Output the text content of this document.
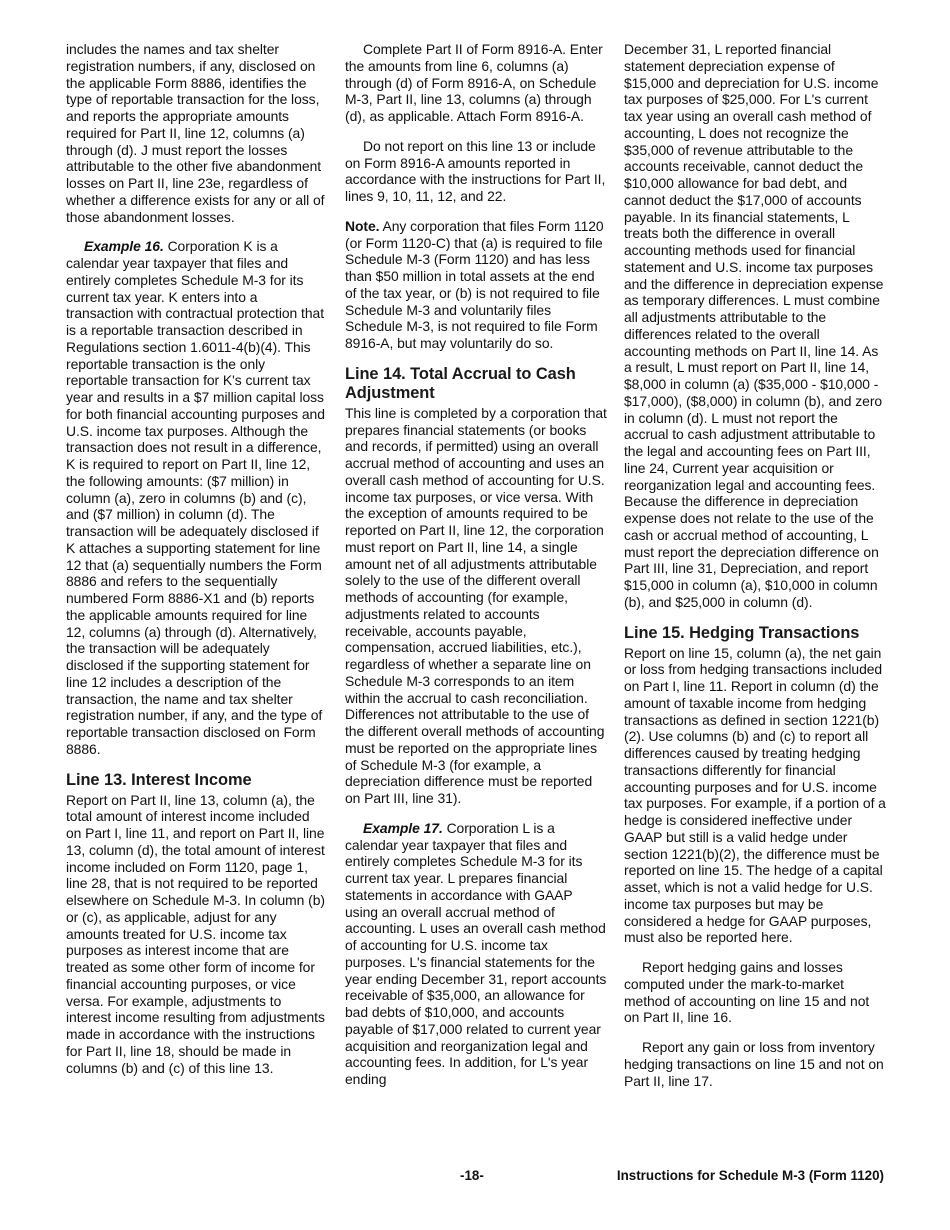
includes the names and tax shelter registration numbers, if any, disclosed on the applicable Form 8886, identifies the type of reportable transaction for the loss, and reports the appropriate amounts required for Part II, line 12, columns (a) through (d). J must report the losses attributable to the other five abandonment losses on Part II, line 23e, regardless of whether a difference exists for any or all of those abandonment losses.

Example 16. Corporation K is a calendar year taxpayer that files and entirely completes Schedule M-3 for its current tax year. K enters into a transaction with contractual protection that is a reportable transaction described in Regulations section 1.6011-4(b)(4). This reportable transaction is the only reportable transaction for K's current tax year and results in a $7 million capital loss for both financial accounting purposes and U.S. income tax purposes. Although the transaction does not result in a difference, K is required to report on Part II, line 12, the following amounts: ($7 million) in column (a), zero in columns (b) and (c), and ($7 million) in column (d). The transaction will be adequately disclosed if K attaches a supporting statement for line 12 that (a) sequentially numbers the Form 8886 and refers to the sequentially numbered Form 8886-X1 and (b) reports the applicable amounts required for line 12, columns (a) through (d). Alternatively, the transaction will be adequately disclosed if the supporting statement for line 12 includes a description of the transaction, the name and tax shelter registration number, if any, and the type of reportable transaction disclosed on Form 8886.

Line 13. Interest Income

Report on Part II, line 13, column (a), the total amount of interest income included on Part I, line 11, and report on Part II, line 13, column (d), the total amount of interest income included on Form 1120, page 1, line 28, that is not required to be reported elsewhere on Schedule M-3. In column (b) or (c), as applicable, adjust for any amounts treated for U.S. income tax purposes as interest income that are treated as some other form of income for financial accounting purposes, or vice versa. For example, adjustments to interest income resulting from adjustments made in accordance with the instructions for Part II, line 18, should be made in columns (b) and (c) of this line 13.

Complete Part II of Form 8916-A. Enter the amounts from line 6, columns (a) through (d) of Form 8916-A, on Schedule M-3, Part II, line 13, columns (a) through (d), as applicable. Attach Form 8916-A.

Do not report on this line 13 or include on Form 8916-A amounts reported in accordance with the instructions for Part II, lines 9, 10, 11, 12, and 22.

Note. Any corporation that files Form 1120 (or Form 1120-C) that (a) is required to file Schedule M-3 (Form 1120) and has less than $50 million in total assets at the end of the tax year, or (b) is not required to file Schedule M-3 and voluntarily files Schedule M-3, is not required to file Form 8916-A, but may voluntarily do so.

Line 14. Total Accrual to Cash Adjustment

This line is completed by a corporation that prepares financial statements (or books and records, if permitted) using an overall accrual method of accounting and uses an overall cash method of accounting for U.S. income tax purposes, or vice versa. With the exception of amounts required to be reported on Part II, line 12, the corporation must report on Part II, line 14, a single amount net of all adjustments attributable solely to the use of the different overall methods of accounting (for example, adjustments related to accounts receivable, accounts payable, compensation, accrued liabilities, etc.), regardless of whether a separate line on Schedule M-3 corresponds to an item within the accrual to cash reconciliation. Differences not attributable to the use of the different overall methods of accounting must be reported on the appropriate lines of Schedule M-3 (for example, a depreciation difference must be reported on Part III, line 31).

Example 17. Corporation L is a calendar year taxpayer that files and entirely completes Schedule M-3 for its current tax year. L prepares financial statements in accordance with GAAP using an overall accrual method of accounting. L uses an overall cash method of accounting for U.S. income tax purposes. L's financial statements for the year ending December 31, report accounts receivable of $35,000, an allowance for bad debts of $10,000, and accounts payable of $17,000 related to current year acquisition and reorganization legal and accounting fees. In addition, for L's year ending

December 31, L reported financial statement depreciation expense of $15,000 and depreciation for U.S. income tax purposes of $25,000. For L's current tax year using an overall cash method of accounting, L does not recognize the $35,000 of revenue attributable to the accounts receivable, cannot deduct the $10,000 allowance for bad debt, and cannot deduct the $17,000 of accounts payable. In its financial statements, L treats both the difference in overall accounting methods used for financial statement and U.S. income tax purposes and the difference in depreciation expense as temporary differences. L must combine all adjustments attributable to the differences related to the overall accounting methods on Part II, line 14. As a result, L must report on Part II, line 14, $8,000 in column (a) ($35,000 - $10,000 - $17,000), ($8,000) in column (b), and zero in column (d). L must not report the accrual to cash adjustment attributable to the legal and accounting fees on Part III, line 24, Current year acquisition or reorganization legal and accounting fees. Because the difference in depreciation expense does not relate to the use of the cash or accrual method of accounting, L must report the depreciation difference on Part III, line 31, Depreciation, and report $15,000 in column (a), $10,000 in column (b), and $25,000 in column (d).

Line 15. Hedging Transactions

Report on line 15, column (a), the net gain or loss from hedging transactions included on Part I, line 11. Report in column (d) the amount of taxable income from hedging transactions as defined in section 1221(b)(2). Use columns (b) and (c) to report all differences caused by treating hedging transactions differently for financial accounting purposes and for U.S. income tax purposes. For example, if a portion of a hedge is considered ineffective under GAAP but still is a valid hedge under section 1221(b)(2), the difference must be reported on line 15. The hedge of a capital asset, which is not a valid hedge for U.S. income tax purposes but may be considered a hedge for GAAP purposes, must also be reported here.

Report hedging gains and losses computed under the mark-to-market method of accounting on line 15 and not on Part II, line 16.

Report any gain or loss from inventory hedging transactions on line 15 and not on Part II, line 17.

-18-	Instructions for Schedule M-3 (Form 1120)
